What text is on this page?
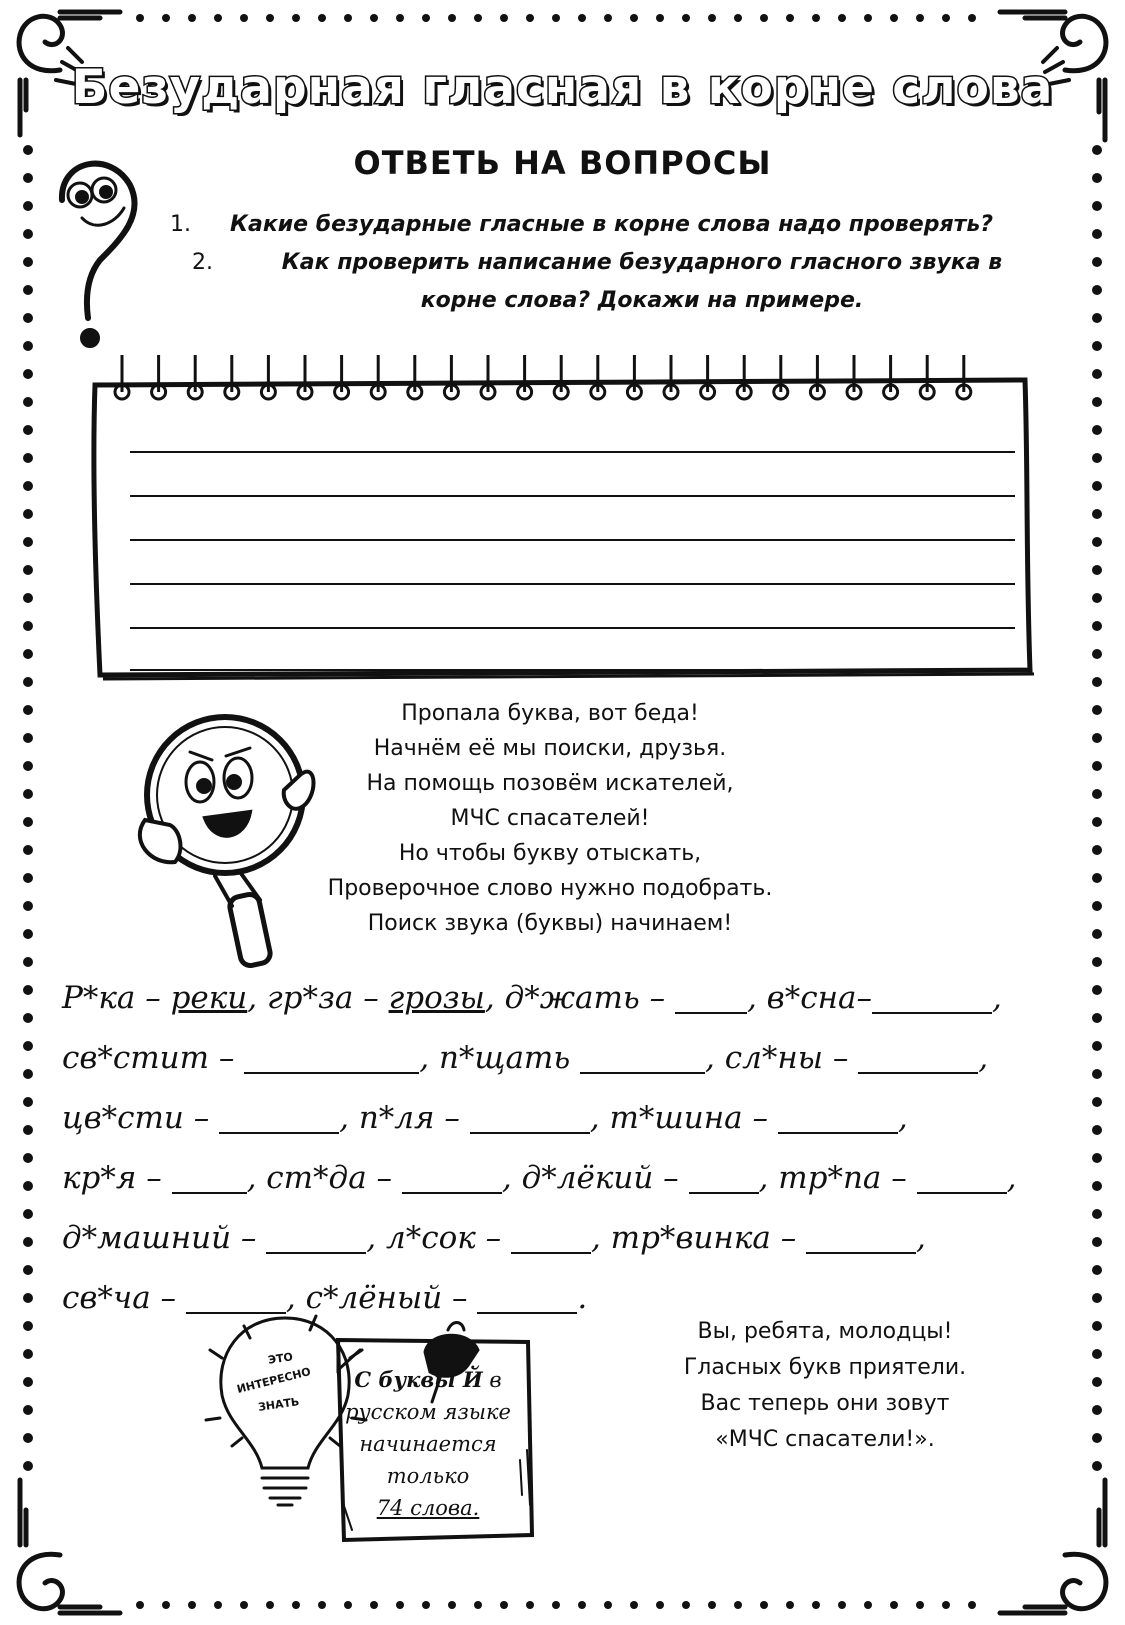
Безударная гласная в корне слова
ОТВЕТЬ НА ВОПРОСЫ
1.	Какие безударные гласные в корне слова надо проверять?
2.	Как проверить написание безударного гласного звука в корне слова? Докажи на примере.
Пропала буква, вот беда!
Начнём её мы поиски, друзья.
На помощь позовём искателей,
МЧС спасателей!
Но чтобы букву отыскать,
Проверочное слово нужно подобрать.
Поиск звука (буквы) начинаем!
Р*ка – реки, гр*за – грозы, д*жать – , в*сна–	,
св*стит –	, п*щать	, сл*ны –	,
цв*сти –	, п*ля –	, т*шина –	,
кр*я – , ст*да –	, д*лёкий – , тр*па –	,
д*машний –	, л*сок –	, тр*винка –	,
св*ча –	, с*лёный –	.
Вы, ребята, молодцы!
Гласных букв приятели.
Вас теперь они зовут
«МЧС спасатели!».
ЭТО
ИНТЕРЕСНО
ЗНАТЬ
С буквы Й в
русском языке
начинается
только
74 слова.
